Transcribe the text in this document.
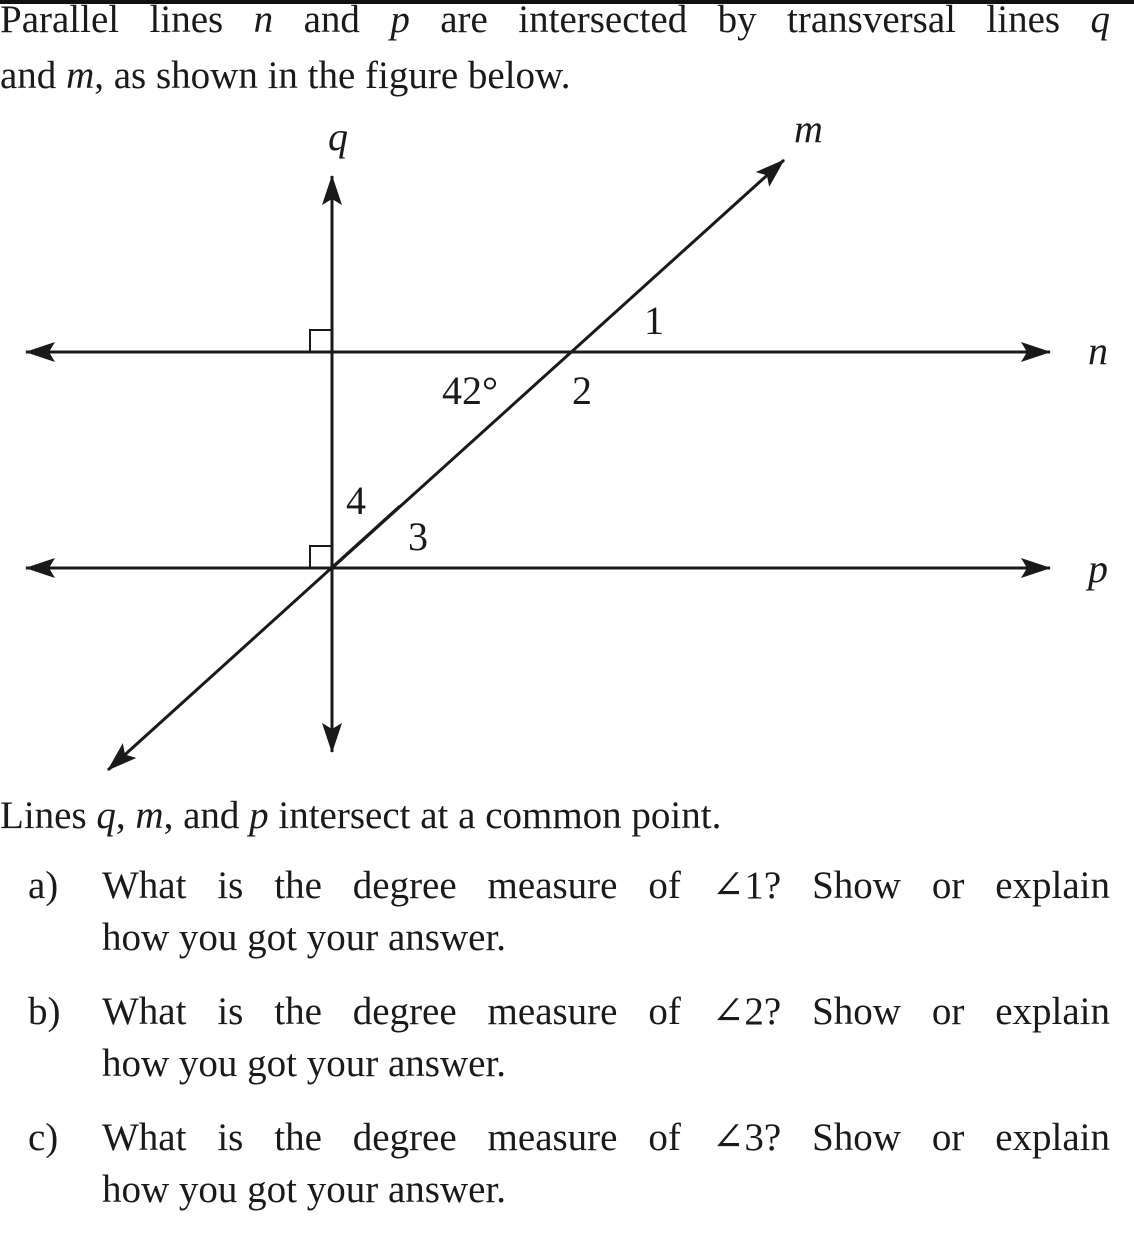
Parallel lines n and p are intersected by transversal lines q
and m, as shown in the figure below.
q	m
n
p
42°
1
2
3
4
Lines q, m, and p intersect at a common point.
a) What is the degree measure of ∠1? Show or explain
how you got your answer.
b) What is the degree measure of ∠2? Show or explain
how you got your answer.
c) What is the degree measure of ∠3? Show or explain
how you got your answer.
